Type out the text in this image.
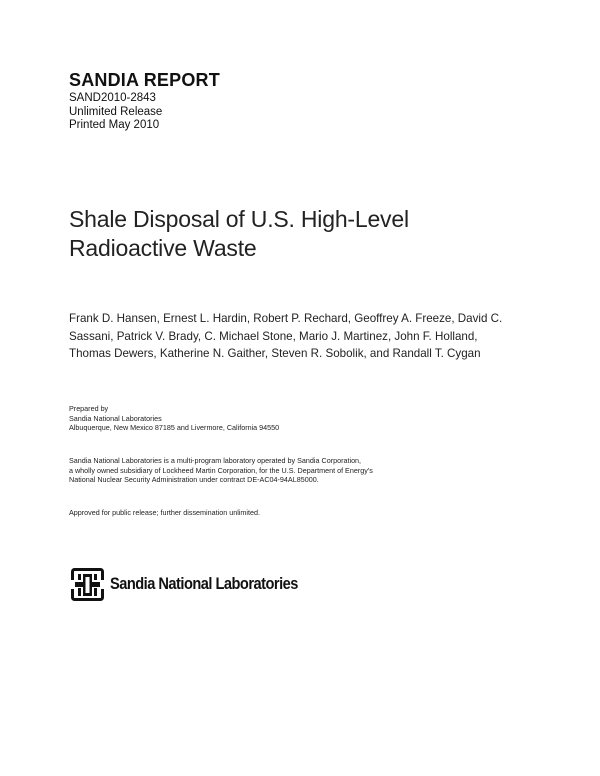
SANDIA REPORT
SAND2010-2843
Unlimited Release
Printed May 2010
Shale Disposal of U.S. High-Level
Radioactive Waste
Frank D. Hansen, Ernest L. Hardin, Robert P. Rechard, Geoffrey A. Freeze, David C.
Sassani, Patrick V. Brady, C. Michael Stone, Mario J. Martinez, John F. Holland,
Thomas Dewers, Katherine N. Gaither, Steven R. Sobolik, and Randall T. Cygan
Prepared by
Sandia National Laboratories
Albuquerque, New Mexico 87185 and Livermore, California 94550
Sandia National Laboratories is a multi-program laboratory operated by Sandia Corporation,
a wholly owned subsidiary of Lockheed Martin Corporation, for the U.S. Department of Energy's
National Nuclear Security Administration under contract DE-AC04-94AL85000.
Approved for public release; further dissemination unlimited.
Sandia National Laboratories
